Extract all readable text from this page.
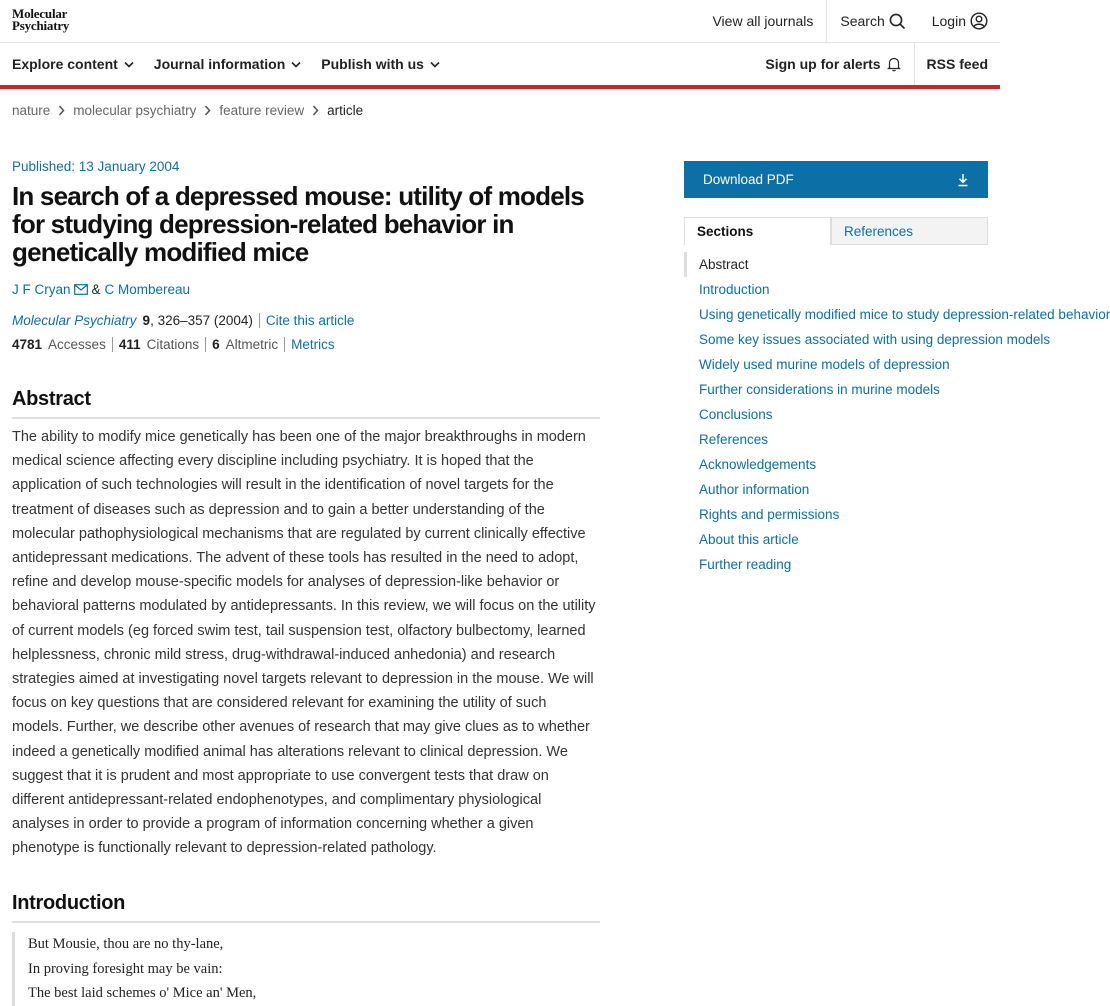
Molecular
Psychiatry	View all journals	Search	Login
Explore content	Journal information	Publish with us	Sign up for alerts	RSS feed
nature molecular psychiatry feature review article
Published: 13 January 2004
In search of a depressed mouse: utility of models for studying depression-related behavior in genetically modified mice
J F Cryan & C Mombereau
Molecular Psychiatry 9 , 326–357 (2004) Cite this article
4781 Accesses 411 Citations 6 Altmetric Metrics
Abstract
The ability to modify mice genetically has been one of the major breakthroughs in modern medical science affecting every discipline including psychiatry. It is hoped that the application of such technologies will result in the identification of novel targets for the treatment of diseases such as depression and to gain a better understanding of the molecular pathophysiological mechanisms that are regulated by current clinically effective antidepressant medications. The advent of these tools has resulted in the need to adopt, refine and develop mouse-specific models for analyses of depression-like behavior or behavioral patterns modulated by antidepressants. In this review, we will focus on the utility of current models (eg forced swim test, tail suspension test, olfactory bulbectomy, learned helplessness, chronic mild stress, drug-withdrawal-induced anhedonia) and research strategies aimed at investigating novel targets relevant to depression in the mouse. We will focus on key questions that are considered relevant for examining the utility of such models. Further, we describe other avenues of research that may give clues as to whether indeed a genetically modified animal has alterations relevant to clinical depression. We suggest that it is prudent and most appropriate to use convergent tests that draw on different antidepressant-related endophenotypes, and complimentary physiological analyses in order to provide a program of information concerning whether a given phenotype is functionally relevant to depression-related pathology.
Introduction
But Mousie, thou are no thy-lane,
In proving foresight may be vain:
The best laid schemes o' Mice an' Men,
Download PDF
Sections	References
Abstract
Introduction
Using genetically modified mice to study depression-related behavior
Some key issues associated with using depression models
Widely used murine models of depression
Further considerations in murine models
Conclusions
References
Acknowledgements
Author information
Rights and permissions
About this article
Further reading
